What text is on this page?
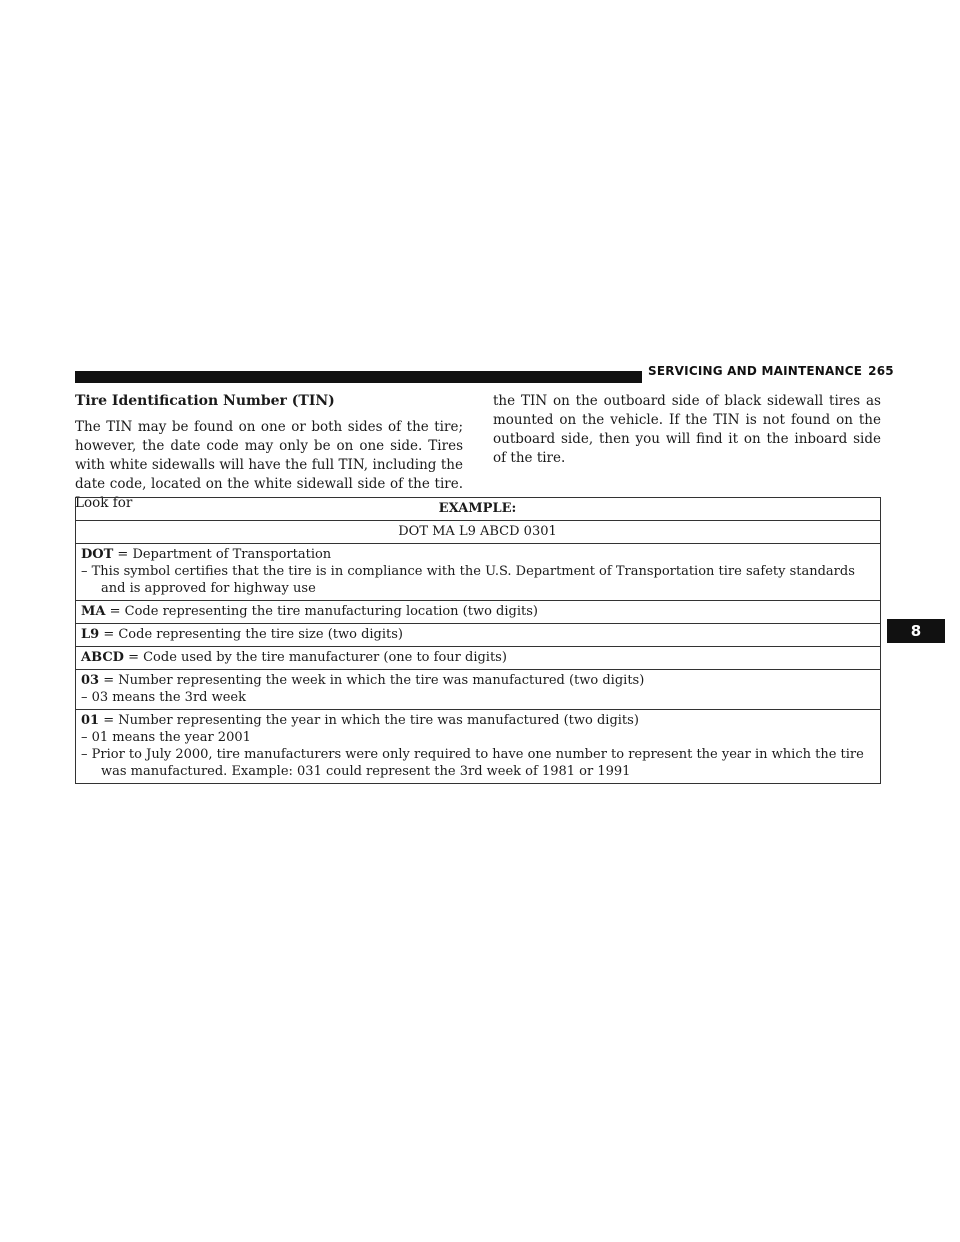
SERVICING AND MAINTENANCE 265
8
Tire Identification Number (TIN)

The TIN may be found on one or both sides of the tire; however, the date code may only be on one side. Tires with white sidewalls will have the full TIN, including the date code, located on the white sidewall side of the tire. Look for

the TIN on the outboard side of black sidewall tires as mounted on the vehicle. If the TIN is not found on the outboard side, then you will find it on the inboard side of the tire.

EXAMPLE:
DOT MA L9 ABCD 0301

DOT = Department of Transportation
– This symbol certifies that the tire is in compliance with the U.S. Department of Transportation tire safety standards and is approved for highway use

MA = Code representing the tire manufacturing location (two digits)

L9 = Code representing the tire size (two digits)

ABCD = Code used by the tire manufacturer (one to four digits)

03 = Number representing the week in which the tire was manufactured (two digits)
– 03 means the 3rd week

01 = Number representing the year in which the tire was manufactured (two digits)
– 01 means the year 2001
– Prior to July 2000, tire manufacturers were only required to have one number to represent the year in which the tire was manufactured. Example: 031 could represent the 3rd week of 1981 or 1991
